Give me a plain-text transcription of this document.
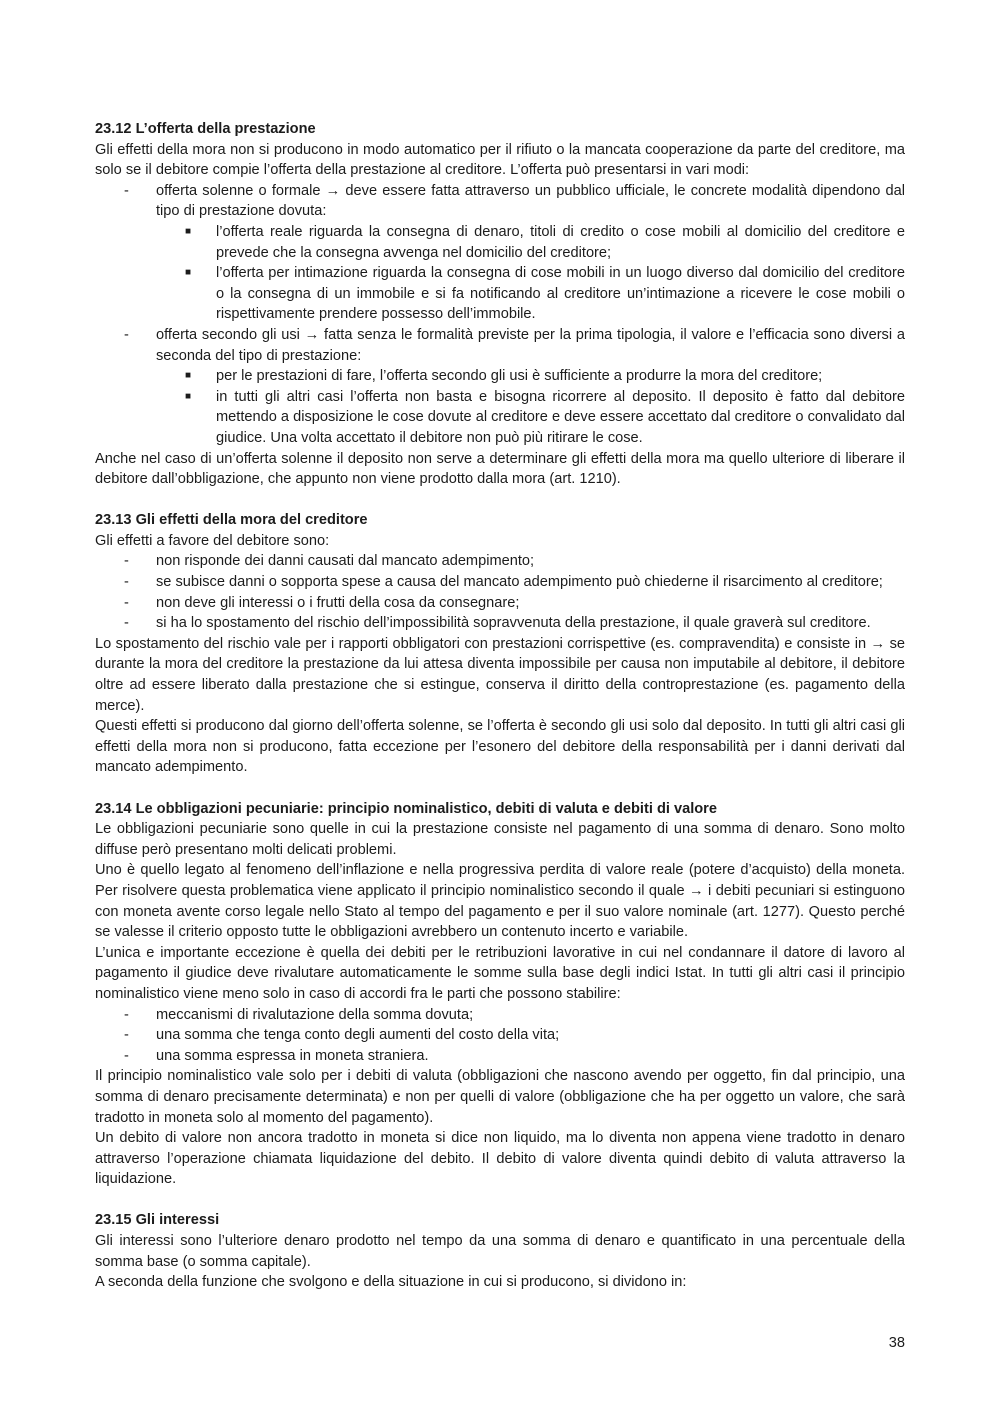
23.12 L’offerta della prestazione

Gli effetti della mora non si producono in modo automatico per il rifiuto o la mancata cooperazione da parte del creditore, ma solo se il debitore compie l’offerta della prestazione al creditore. L’offerta può presentarsi in vari modi:

- offerta solenne o formale → deve essere fatta attraverso un pubblico ufficiale, le concrete modalità dipendono dal tipo di prestazione dovuta:
■ l’offerta reale riguarda la consegna di denaro, titoli di credito o cose mobili al domicilio del creditore e prevede che la consegna avvenga nel domicilio del creditore;
■ l’offerta per intimazione riguarda la consegna di cose mobili in un luogo diverso dal domicilio del creditore o la consegna di un immobile e si fa notificando al creditore un’intimazione a ricevere le cose mobili o rispettivamente prendere possesso dell’immobile.
- offerta secondo gli usi → fatta senza le formalità previste per la prima tipologia, il valore e l’efficacia sono diversi a seconda del tipo di prestazione:
■ per le prestazioni di fare, l’offerta secondo gli usi è sufficiente a produrre la mora del creditore;
■ in tutti gli altri casi l’offerta non basta e bisogna ricorrere al deposito. Il deposito è fatto dal debitore mettendo a disposizione le cose dovute al creditore e deve essere accettato dal creditore o convalidato dal giudice. Una volta accettato il debitore non può più ritirare le cose.

Anche nel caso di un’offerta solenne il deposito non serve a determinare gli effetti della mora ma quello ulteriore di liberare il debitore dall’obbligazione, che appunto non viene prodotto dalla mora (art. 1210).

23.13 Gli effetti della mora del creditore

Gli effetti a favore del debitore sono:

- non risponde dei danni causati dal mancato adempimento;
- se subisce danni o sopporta spese a causa del mancato adempimento può chiederne il risarcimento al creditore;
- non deve gli interessi o i frutti della cosa da consegnare;
- si ha lo spostamento del rischio dell’impossibilità sopravvenuta della prestazione, il quale graverà sul creditore.

Lo spostamento del rischio vale per i rapporti obbligatori con prestazioni corrispettive (es. compravendita) e consiste in → se durante la mora del creditore la prestazione da lui attesa diventa impossibile per causa non imputabile al debitore, il debitore oltre ad essere liberato dalla prestazione che si estingue, conserva il diritto della controprestazione (es. pagamento della merce).

Questi effetti si producono dal giorno dell’offerta solenne, se l’offerta è secondo gli usi solo dal deposito. In tutti gli altri casi gli effetti della mora non si producono, fatta eccezione per l’esonero del debitore della responsabilità per i danni derivati dal mancato adempimento.

23.14 Le obbligazioni pecuniarie: principio nominalistico, debiti di valuta e debiti di valore

Le obbligazioni pecuniarie sono quelle in cui la prestazione consiste nel pagamento di una somma di denaro. Sono molto diffuse però presentano molti delicati problemi.

Uno è quello legato al fenomeno dell’inflazione e nella progressiva perdita di valore reale (potere d’acquisto) della moneta. Per risolvere questa problematica viene applicato il principio nominalistico secondo il quale → i debiti pecuniari si estinguono con moneta avente corso legale nello Stato al tempo del pagamento e per il suo valore nominale (art. 1277). Questo perché se valesse il criterio opposto tutte le obbligazioni avrebbero un contenuto incerto e variabile.

L’unica e importante eccezione è quella dei debiti per le retribuzioni lavorative in cui nel condannare il datore di lavoro al pagamento il giudice deve rivalutare automaticamente le somme sulla base degli indici Istat. In tutti gli altri casi il principio nominalistico viene meno solo in caso di accordi fra le parti che possono stabilire:

- meccanismi di rivalutazione della somma dovuta;
- una somma che tenga conto degli aumenti del costo della vita;
- una somma espressa in moneta straniera.

Il principio nominalistico vale solo per i debiti di valuta (obbligazioni che nascono avendo per oggetto, fin dal principio, una somma di denaro precisamente determinata) e non per quelli di valore (obbligazione che ha per oggetto un valore, che sarà tradotto in moneta solo al momento del pagamento).

Un debito di valore non ancora tradotto in moneta si dice non liquido, ma lo diventa non appena viene tradotto in denaro attraverso l’operazione chiamata liquidazione del debito. Il debito di valore diventa quindi debito di valuta attraverso la liquidazione.

23.15 Gli interessi

Gli interessi sono l’ulteriore denaro prodotto nel tempo da una somma di denaro e quantificato in una percentuale della somma base (o somma capitale).

A seconda della funzione che svolgono e della situazione in cui si producono, si dividono in:

38
